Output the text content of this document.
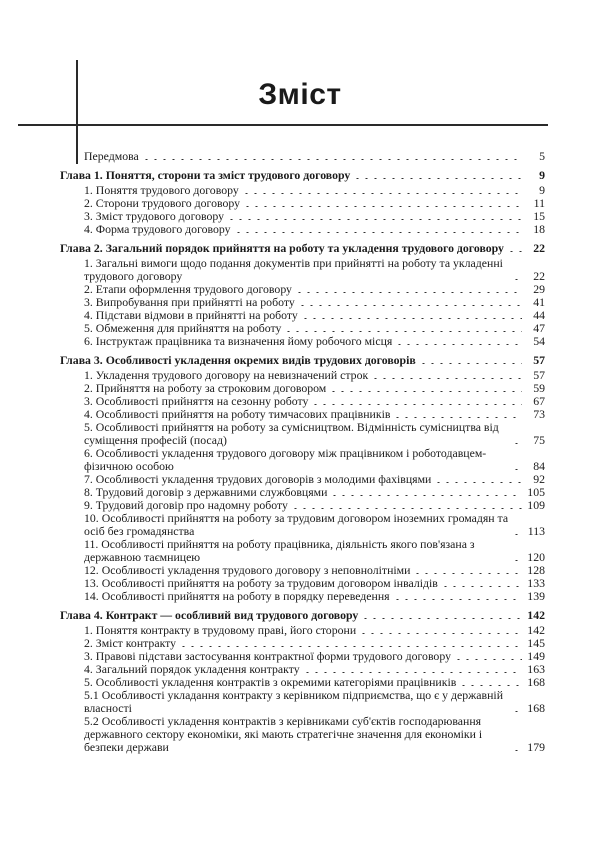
Зміст
Передмова	5
Глава 1. Поняття, сторони та зміст трудового договору	9
1. Поняття трудового договору	9
2. Сторони трудового договору	11
3. Зміст трудового договору	15
4. Форма трудового договору	18
Глава 2. Загальний порядок прийняття на роботу та укладення трудового договору	22
1. Загальні вимоги щодо подання документів при прийнятті на роботу та укладенні трудового договору	22
2. Етапи оформлення трудового договору	29
3. Випробування при прийнятті на роботу	41
4. Підстави відмови в прийнятті на роботу	44
5. Обмеження для прийняття на роботу	47
6. Інструктаж працівника та визначення йому робочого місця	54
Глава 3. Особливості укладення окремих видів трудових договорів	57
1. Укладення трудового договору на невизначений строк	57
2. Прийняття на роботу за строковим договором	59
3. Особливості прийняття на сезонну роботу	67
4. Особливості прийняття на роботу тимчасових працівників	73
5. Особливості прийняття на роботу за сумісництвом. Відмінність сумісництва від суміщення професій (посад)	75
6. Особливості укладення трудового договору між працівником і роботодавцем-фізичною особою	84
7. Особливості укладення трудових договорів з молодими фахівцями	92
8. Трудовий договір з державними службовцями	105
9. Трудовий договір про надомну роботу	109
10. Особливості прийняття на роботу за трудовим договором іноземних громадян та осіб без громадянства	113
11. Особливості прийняття на роботу працівника, діяльність якого пов'язана з державною таємницею	120
12. Особливості укладення трудового договору з неповнолітніми	128
13. Особливості прийняття на роботу за трудовим договором інвалідів	133
14. Особливості прийняття на роботу в порядку переведення	139
Глава 4. Контракт — особливий вид трудового договору	142
1. Поняття контракту в трудовому праві, його сторони	142
2. Зміст контракту	145
3. Правові підстави застосування контрактної форми трудового договору	149
4. Загальний порядок укладення контракту	163
5. Особливості укладення контрактів з окремими категоріями працівників	168
5.1 Особливості укладання контракту з керівником підприємства, що є у державній власності	168
5.2 Особливості укладення контрактів з керівниками суб'єктів господарювання державного сектору економіки, які мають стратегічне значення для економіки і безпеки держави	179
